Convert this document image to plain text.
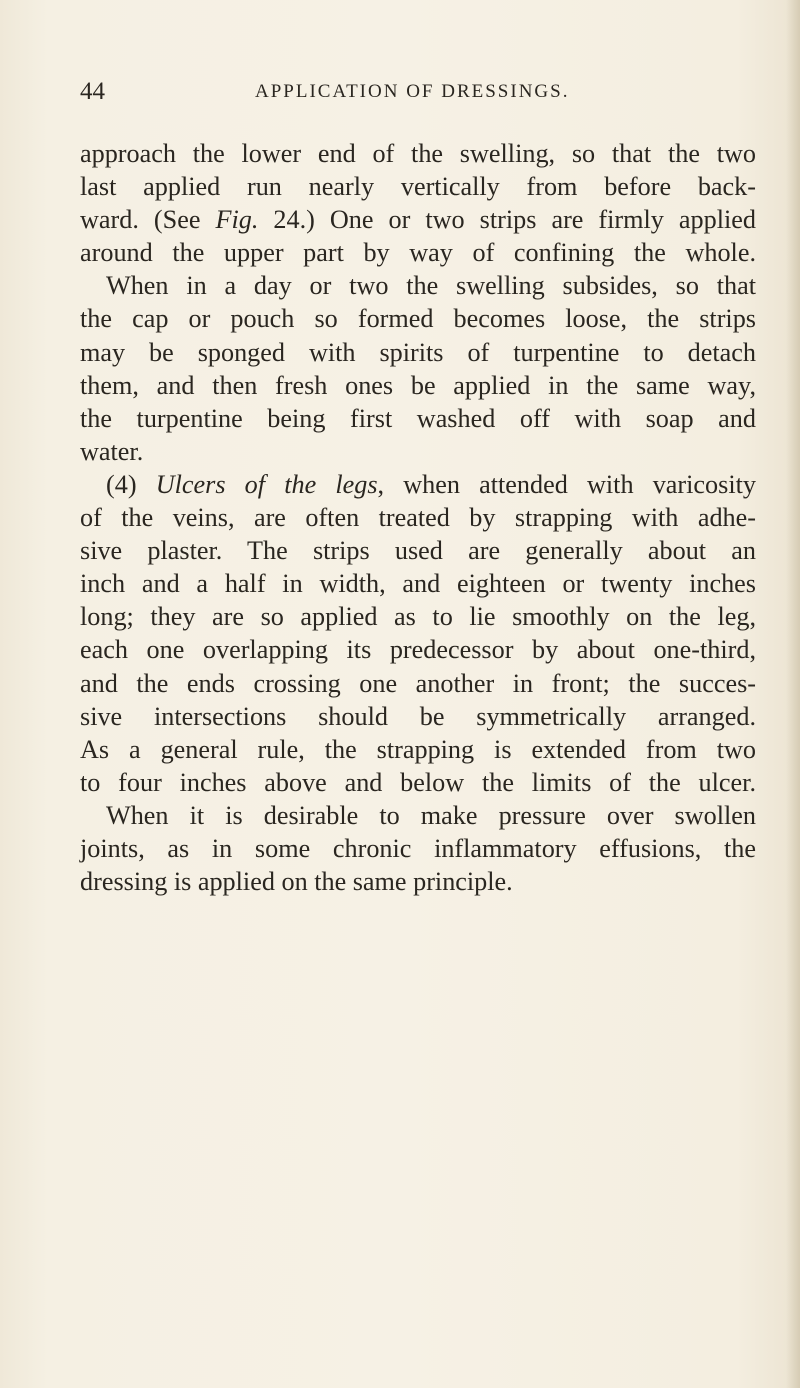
44	APPLICATION OF DRESSINGS.
approach the lower end of the swelling, so that the two
last applied run nearly vertically from before back-
ward. (See Fig. 24.) One or two strips are firmly applied
around the upper part by way of confining the whole.
When in a day or two the swelling subsides, so that
the cap or pouch so formed becomes loose, the strips
may be sponged with spirits of turpentine to detach
them, and then fresh ones be applied in the same way,
the turpentine being first washed off with soap and
water.
(4) Ulcers of the legs, when attended with varicosity
of the veins, are often treated by strapping with adhe-
sive plaster. The strips used are generally about an
inch and a half in width, and eighteen or twenty inches
long; they are so applied as to lie smoothly on the leg,
each one overlapping its predecessor by about one-third,
and the ends crossing one another in front; the succes-
sive intersections should be symmetrically arranged.
As a general rule, the strapping is extended from two
to four inches above and below the limits of the ulcer.
When it is desirable to make pressure over swollen
joints, as in some chronic inflammatory effusions, the
dressing is applied on the same principle.
